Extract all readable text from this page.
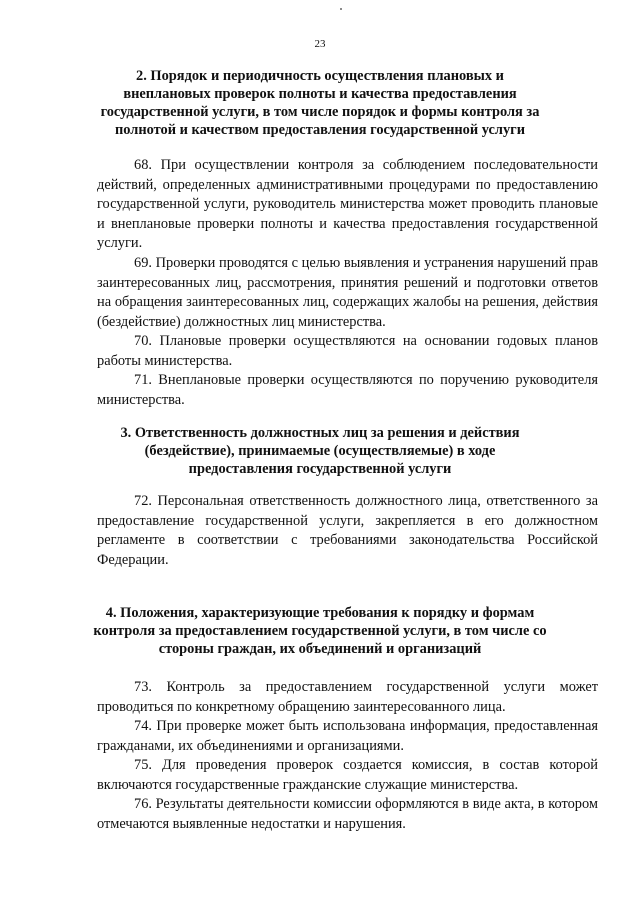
23
2. Порядок и периодичность осуществления плановых и внеплановых проверок полноты и качества предоставления государственной услуги, в том числе порядок и формы контроля за полнотой и качеством предоставления государственной услуги
68. При осуществлении контроля за соблюдением последовательности действий, определенных административными процедурами по предоставлению государственной услуги, руководитель министерства может проводить плановые и внеплановые проверки полноты и качества предоставления государственной услуги.
69. Проверки проводятся с целью выявления и устранения нарушений прав заинтересованных лиц, рассмотрения, принятия решений и подготовки ответов на обращения заинтересованных лиц, содержащих жалобы на решения, действия (бездействие) должностных лиц министерства.
70. Плановые проверки осуществляются на основании годовых планов работы министерства.
71. Внеплановые проверки осуществляются по поручению руководителя министерства.
3. Ответственность должностных лиц за решения и действия (бездействие), принимаемые (осуществляемые) в ходе предоставления государственной услуги
72. Персональная ответственность должностного лица, ответственного за предоставление государственной услуги, закрепляется в его должностном регламенте в соответствии с требованиями законодательства Российской Федерации.
4. Положения, характеризующие требования к порядку и формам контроля за предоставлением государственной услуги, в том числе со стороны граждан, их объединений и организаций
73. Контроль за предоставлением государственной услуги может проводиться по конкретному обращению заинтересованного лица.
74. При проверке может быть использована информация, предоставленная гражданами, их объединениями и организациями.
75. Для проведения проверок создается комиссия, в состав которой включаются государственные гражданские служащие министерства.
76. Результаты деятельности комиссии оформляются в виде акта, в котором отмечаются выявленные недостатки и нарушения.
